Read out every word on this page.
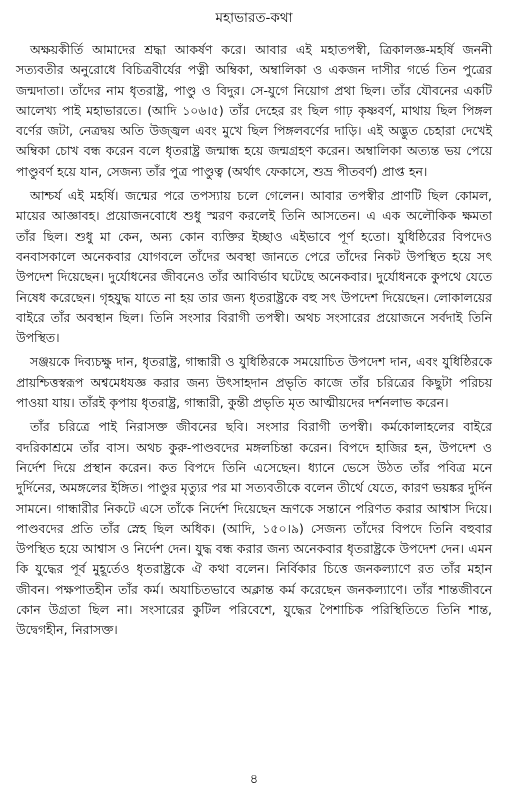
মহাভারত-কথা

অক্ষয়কীর্তি আমাদের শ্রদ্ধা আকর্ষণ করে। আবার এই মহাতপস্বী, ত্রিকালজ্ঞ-মহর্ষি জননী সত্যবতীর অনুরোধে বিচিত্রবীর্যের পত্নী অম্বিকা, অম্বালিকা ও একজন দাসীর গর্ভে তিন পুত্রের জন্মদাতা। তাঁদের নাম ধৃতরাষ্ট্র, পাণ্ডু ও বিদুর। সে-যুগে নিয়োগ প্রথা ছিল। তাঁর যৌবনের একটি আলেখ্য পাই মহাভারতে। (আদি ১০৬।৫) তাঁর দেহের রং ছিল গাঢ় কৃষ্ণবর্ণ, মাথায় ছিল পিঙ্গল বর্ণের জটা, নেত্রদ্বয় অতি উজ্জ্বল এবং মুখে ছিল পিঙ্গলবর্ণের দাড়ি। এই অদ্ভুত চেহারা দেখেই অম্বিকা চোখ বন্ধ করেন বলে ধৃতরাষ্ট্র জন্মান্ধ হয়ে জন্মগ্রহণ করেন। অম্বালিকা অত্যন্ত ভয় পেয়ে পাণ্ডুবর্ণ হয়ে যান, সেজন্য তাঁর পুত্র পাণ্ডুত্ব (অর্থাৎ ফেকাসে, শুভ্র পীতবর্ণ) প্রাপ্ত হন।

আশ্চর্য এই মহর্ষি। জন্মের পরে তপস্যায় চলে গেলেন। আবার তপস্বীর প্রাণটি ছিল কোমল, মায়ের আজ্ঞাবহ। প্রয়োজনবোধে শুধু স্মরণ করলেই তিনি আসতেন। এ এক অলৌকিক ক্ষমতা তাঁর ছিল। শুধু মা কেন, অন্য কোন ব্যক্তির ইচ্ছাও এইভাবে পূর্ণ হতো। যুধিষ্ঠিরের বিপদেও বনবাসকালে অনেকবার যোগবলে তাঁদের অবস্থা জানতে পেরে তাঁদের নিকট উপস্থিত হয়ে সৎ উপদেশ দিয়েছেন। দুর্যোধনের জীবনেও তাঁর আবির্ভাব ঘটেছে অনেকবার। দুর্যোধনকে কুপথে যেতে নিষেধ করেছেন। গৃহযুদ্ধ যাতে না হয় তার জন্য ধৃতরাষ্ট্রকে বহু সৎ উপদেশ দিয়েছেন। লোকালয়ের বাইরে তাঁর অবস্থান ছিল। তিনি সংসার বিরাগী তপস্বী। অথচ সংসারের প্রয়োজনে সর্বদাই তিনি উপস্থিত।

সঞ্জয়কে দিব্যচক্ষু দান, ধৃতরাষ্ট্র, গান্ধারী ও যুধিষ্ঠিরকে সময়োচিত উপদেশ দান, এবং যুধিষ্ঠিরকে প্রায়শ্চিত্তস্বরূপ অশ্বমেধযজ্ঞ করার জন্য উৎসাহদান প্রভৃতি কাজে তাঁর চরিত্রের কিছুটা পরিচয় পাওয়া যায়। তাঁরই কৃপায় ধৃতরাষ্ট্র, গান্ধারী, কুন্তী প্রভৃতি মৃত আত্মীয়দের দর্শনলাভ করেন।

তাঁর চরিত্রে পাই নিরাসক্ত জীবনের ছবি। সংসার বিরাগী তপস্বী। কর্মকোলাহলের বাইরে বদরিকাশ্রমে তাঁর বাস। অথচ কুরু-পাণ্ডবদের মঙ্গলচিন্তা করেন। বিপদে হাজির হন, উপদেশ ও নির্দেশ দিয়ে প্রস্থান করেন। কত বিপদে তিনি এসেছেন। ধ্যানে ভেসে উঠত তাঁর পবিত্র মনে দুর্দিনের, অমঙ্গলের ইঙ্গিত। পাণ্ডুর মৃত্যুর পর মা সত্যবতীকে বলেন তীর্থে যেতে, কারণ ভয়ঙ্কর দুর্দিন সামনে। গান্ধারীর নিকটে এসে তাঁকে নির্দেশ দিয়েছেন ভ্রূণকে সন্তানে পরিণত করার আশ্বাস দিয়ে। পাণ্ডবদের প্রতি তাঁর স্নেহ ছিল অধিক। (আদি, ১৫০।৯) সেজন্য তাঁদের বিপদে তিনি বহুবার উপস্থিত হয়ে আশ্বাস ও নির্দেশ দেন। যুদ্ধ বন্ধ করার জন্য অনেকবার ধৃতরাষ্ট্রকে উপদেশ দেন। এমন কি যুদ্ধের পূর্ব মুহূর্তেও ধৃতরাষ্ট্রকে ঐ কথা বলেন। নির্বিকার চিত্তে জনকল্যাণে রত তাঁর মহান জীবন। পক্ষপাতহীন তাঁর কর্ম। অযাচিতভাবে অক্লান্ত কর্ম করেছেন জনকল্যাণে। তাঁর শান্তজীবনে কোন উগ্রতা ছিল না। সংসারের কুটিল পরিবেশে, যুদ্ধের পৈশাচিক পরিস্থিতিতে তিনি শান্ত, উদ্বেগহীন, নিরাসক্ত।

৪
